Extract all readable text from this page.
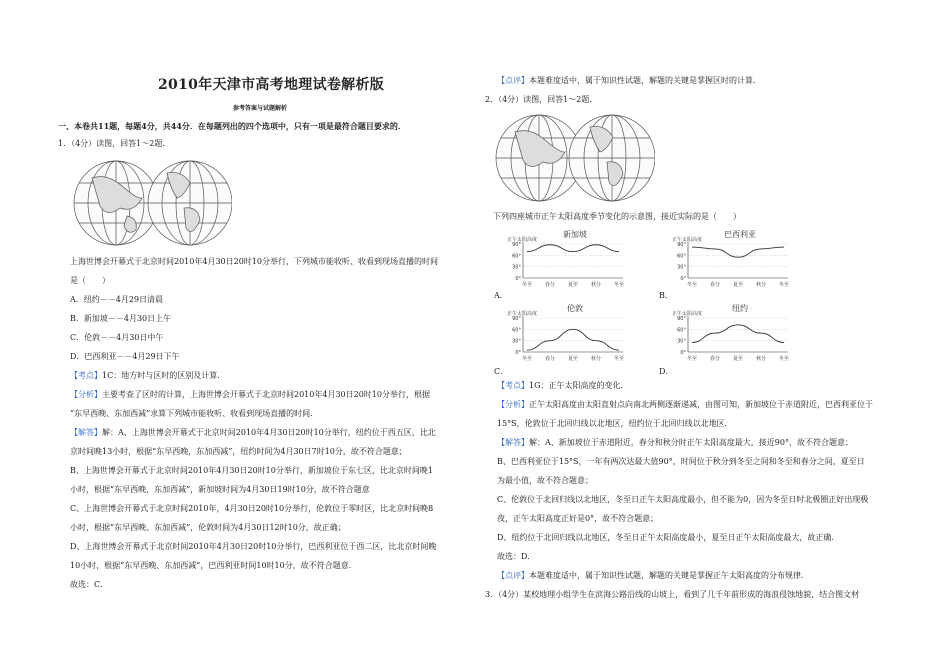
2010年天津市高考地理试卷解析版
参考答案与试题解析
一、本卷共11题，每题4分，共44分．在每题列出的四个选项中，只有一项是最符合题目要求的．
1．（4分）读图，回答1～2题．
上海世博会开幕式于北京时间2010年4月30日20时10分举行，下列城市能收听、收看到现场直播的时间
是（　　）
A．纽约－－4月29日清晨
B．新加坡－－4月30日上午
C．伦敦－－4月30日中午
D．巴西利亚－－4月29日下午
【考点】1C：地方时与区时的区别及计算．
【分析】主要考查了区时的计算，上海世博会开幕式于北京时间2010年4月30日20时10分举行，根据
“东早西晚、东加西减”求算下列城市能收听、收看到现场直播的时间．
【解答】解：A、上海世博会开幕式于北京时间2010年4月30日20时10分举行，纽约位于西五区，比北
京时间晚13小时，根据“东早西晚，东加西减”，纽约时间为4月30日7时10分，故不符合题意；
B、上海世博会开幕式于北京时间2010年4月30日20时10分举行，新加坡位于东七区，比北京时间晚1
小时，根据“东早西晚，东加西减”，新加坡时间为4月30日19时10分，故不符合题意
C、上海世博会开幕式于北京时间2010年，4月30日20时10分举行，伦敦位于零时区，比北京时间晚8
小时，根据“东早西晚、东加西减”，伦敦时间为4月30日12时10分，故正确；
D、上海世博会开幕式于北京时间2010年4月30日20时10分举行，巴西利亚位于西二区，比北京时间晚
10小时，根据“东早西晚、东加西减”，巴西利亚时间10时10分，故不符合题意．
故选：C．
【点评】本题难度适中，属于知识性试题，解题的关键是掌握区时的计算．
2．（4分）读图，回答1～2题．
下列四座城市正午太阳高度季节变化的示意图，接近实际的是（　　）
新加坡
正午太阳高度
90°
60°
30°
0°
冬至	春分	夏至	秋分	冬至
巴西利亚
正午太阳高度
90°
60°
30°
0°
冬至	春分	夏至	秋分	冬至
伦敦
正午太阳高度
90°
60°
30°
0°
冬至	春分	夏至	秋分	冬至
纽约
正午太阳高度
90°
60°
30°
0°
冬至	春分	夏至	秋分	冬至
A．	B．
C．	D．
【考点】1G：正午太阳高度的变化．
【分析】正午太阳高度由太阳直射点向南北两侧逐渐递减，由图可知，新加坡位于赤道附近，巴西利亚位于
15°S，伦敦位于北回归线以北地区，纽约位于北回归线以北地区．
【解答】解：A、新加坡位于赤道附近，春分和秋分时正午太阳高度最大，接近90°，故不符合题意；
B、巴西利亚位于15°S，一年有两次达最大值90°，时间位于秋分到冬至之间和冬至和春分之间，夏至日
为最小值，故不符合题意；
C、伦敦位于北回归线以北地区，冬至日正午太阳高度最小，但不能为0，因为冬至日时北极圈正好出现极
夜，正午太阳高度正好是0°，故不符合题意；
D、纽约位于北回归线以北地区，冬至日正午太阳高度最小，夏至日正午太阳高度最大，故正确．
故选：D．
【点评】本题难度适中，属于知识性试题，解题的关键是掌握正午太阳高度的分布规律．
3．（4分）某校地理小组学生在滨海公路沿线的山坡上，看到了几千年前形成的海浪侵蚀地貌，结合图文材
